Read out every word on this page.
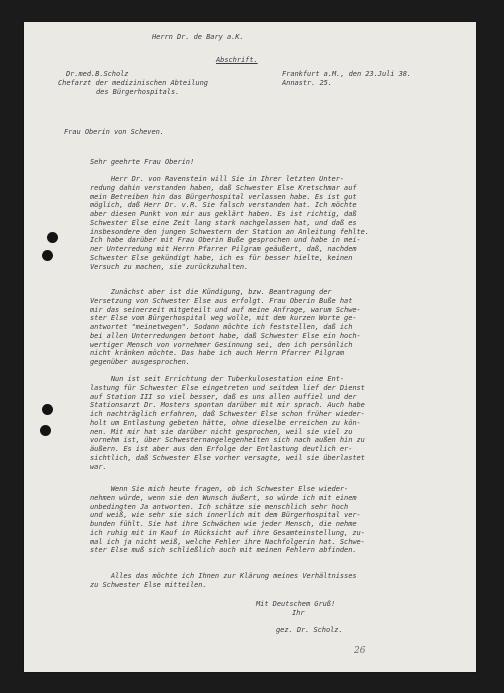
Herrn Dr. de Bary a.K.
Abschrift.
Dr.med.B.Scholz
Chefarzt der medizinischen Abteilung
des Bürgerhospitals.
Frankfurt a.M., den 23.Juli 38.
Annastr. 25.
Frau Oberin von Scheven.
Sehr geehrte Frau Oberin!
Herr Dr. von Ravenstein will Sie in Ihrer letzten Unter-
redung dahin verstanden haben, daß Schwester Else Kretschmar auf
mein Betreiben hin das Bürgerhospital verlassen habe. Es ist gut
möglich, daß Herr Dr. v.R. Sie falsch verstanden hat. Ich möchte
aber diesen Punkt von mir aus geklärt haben. Es ist richtig, daß
Schwester Else eine Zeit lang stark nachgelassen hat, und daß es
insbesondere den jungen Schwestern der Station an Anleitung fehlte.
Ich habe darüber mit Frau Oberin Buße gesprochen und habe in mei-
ner Unterredung mit Herrn Pfarrer Pilgram geäußert, daß, nachdem
Schwester Else gekündigt habe, ich es für besser hielte, keinen
Versuch zu machen, sie zurückzuhalten.
Zunächst aber ist die Kündigung, bzw. Beantragung der
Versetzung von Schwester Else aus erfolgt. Frau Oberin Buße hat
mir das seinerzeit mitgeteilt und auf meine Anfrage, warum Schwe-
ster Else vom Bürgerhospital weg wolle, mit dem kurzen Worte ge-
antwortet "meinetwegen". Sodann möchte ich feststellen, daß ich
bei allen Unterredungen betont habe, daß Schwester Else ein hoch-
wertiger Mensch von vornehmer Gesinnung sei, den ich persönlich
nicht kränken möchte. Das habe ich auch Herrn Pfarrer Pilgram
gegenüber ausgesprochen.
Nun ist seit Errichtung der Tuberkulosestation eine Ent-
lastung für Schwester Else eingetreten und seitdem lief der Dienst
auf Station III so viel besser, daß es uns allen auffiel und der
Stationsarzt Dr. Mosters spontan darüber mit mir sprach. Auch habe
ich nachträglich erfahren, daß Schwester Else schon früher wieder-
holt um Entlastung gebeten hätte, ohne dieselbe erreichen zu kön-
nen. Mit mir hat sie darüber nicht gesprochen, weil sie viel zu
vornehm ist, über Schwesternangelegenheiten sich nach außen hin zu
äußern. Es ist aber aus den Erfolge der Entlastung deutlich er-
sichtlich, daß Schwester Else vorher versagte, weil sie überlastet
war.
Wenn Sie mich heute fragen, ob ich Schwester Else wieder-
nehmen würde, wenn sie den Wunsch äußert, so würde ich mit einem
unbedingten Ja antworten. Ich schätze sie menschlich sehr hoch
und weiß, wie sehr sie sich innerlich mit dem Bürgerhospital ver-
bunden fühlt. Sie hat ihre Schwächen wie jeder Mensch, die nehme
ich ruhig mit in Kauf in Rücksicht auf ihre Gesamteinstellung, zu-
mal ich ja nicht weiß, welche Fehler ihre Nachfolgerin hat. Schwe-
ster Else muß sich schließlich auch mit meinen Fehlern abfinden.
Alles das möchte ich Ihnen zur Klärung meines Verhältnisses
zu Schwester Else mitteilen.
Mit Deutschem Gruß!
Ihr
gez. Dr. Scholz.
26
